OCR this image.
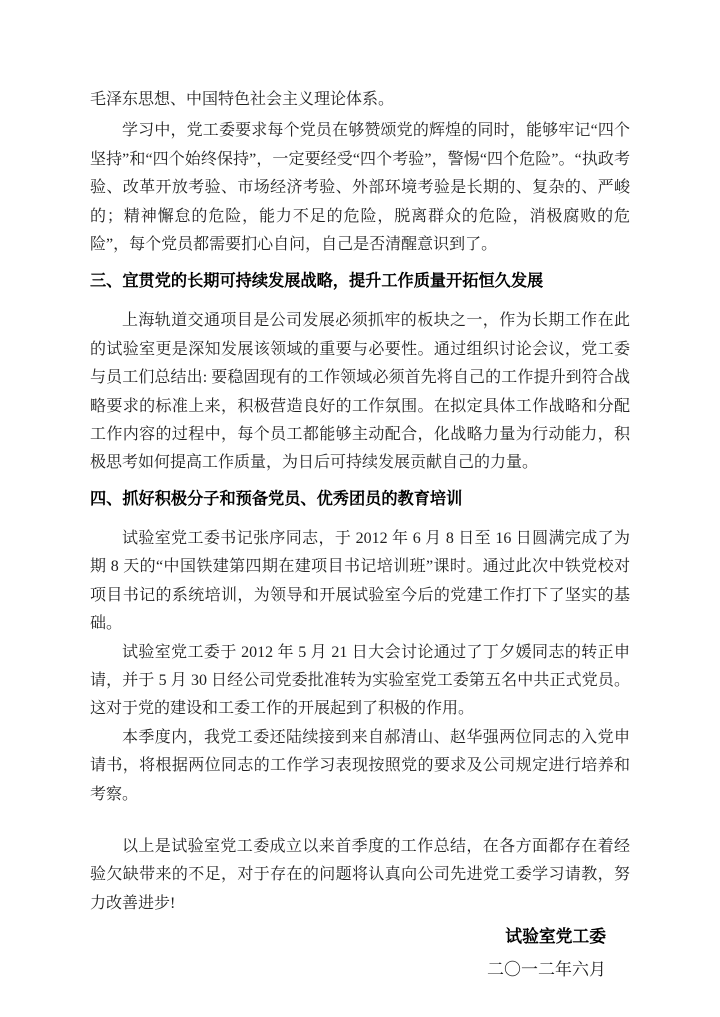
毛泽东思想、中国特色社会主义理论体系。

学习中，党工委要求每个党员在够赞颂党的辉煌的同时，能够牢记“四个坚持”和“四个始终保持”，一定要经受“四个考验”，警惕“四个危险”。“执政考验、改革开放考验、市场经济考验、外部环境考验是长期的、复杂的、严峻的；精神懈怠的危险，能力不足的危险，脱离群众的危险，消极腐败的危险”，每个党员都需要扪心自问，自己是否清醒意识到了。

三、宜贯党的长期可持续发展战略，提升工作质量开拓恒久发展

上海轨道交通项目是公司发展必须抓牢的板块之一，作为长期工作在此的试验室更是深知发展该领域的重要与必要性。通过组织讨论会议，党工委与员工们总结出: 要稳固现有的工作领域必须首先将自己的工作提升到符合战略要求的标准上来，积极营造良好的工作氛围。在拟定具体工作战略和分配工作内容的过程中，每个员工都能够主动配合，化战略力量为行动能力，积极思考如何提高工作质量，为日后可持续发展贡献自己的力量。

四、抓好积极分子和预备党员、优秀团员的教育培训

试验室党工委书记张序同志，于 2012 年 6 月 8 日至 16 日圆满完成了为期 8 天的“中国铁建第四期在建项目书记培训班”课时。通过此次中铁党校对项目书记的系统培训，为领导和开展试验室今后的党建工作打下了坚实的基础。

试验室党工委于 2012 年 5 月 21 日大会讨论通过了丁夕媛同志的转正申请，并于 5 月 30 日经公司党委批准转为实验室党工委第五名中共正式党员。这对于党的建设和工委工作的开展起到了积极的作用。

本季度内，我党工委还陆续接到来自郝清山、赵华强两位同志的入党申请书，将根据两位同志的工作学习表现按照党的要求及公司规定进行培养和考察。

以上是试验室党工委成立以来首季度的工作总结，在各方面都存在着经验欠缺带来的不足，对于存在的问题将认真向公司先进党工委学习请教，努力改善进步!

试验室党工委
二〇一二年六月
